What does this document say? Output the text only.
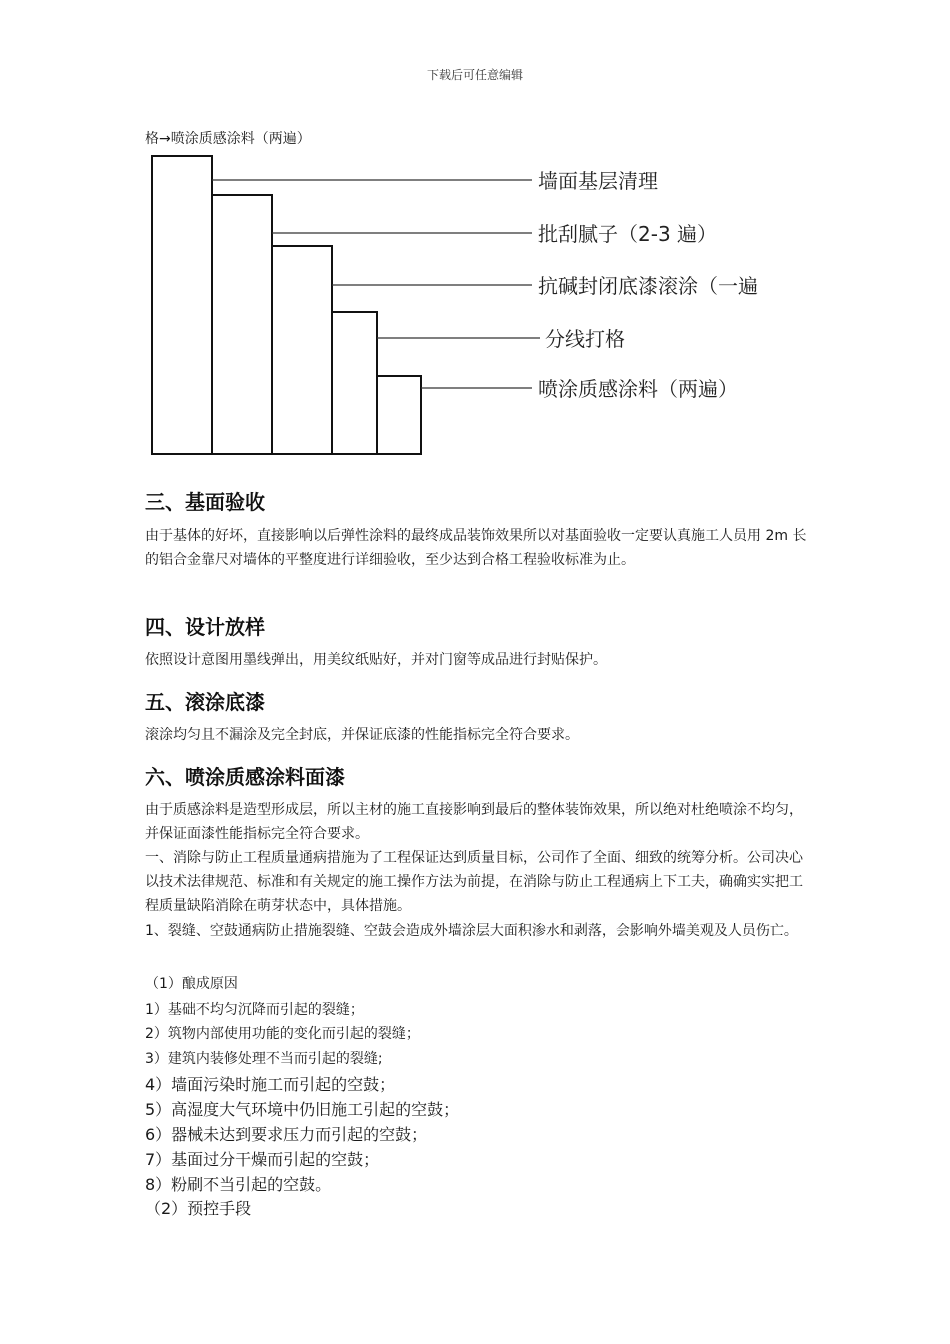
下载后可任意编辑
格→喷涂质感涂料（两遍）
墙面基层清理
批刮腻子（2-3 遍）
抗碱封闭底漆滚涂（一遍
分线打格
喷涂质感涂料（两遍）
三、基面验收
由于基体的好坏，直接影响以后弹性涂料的最终成品装饰效果所以对基面验收一定要认真施工人员用 2m 长的铝合金靠尺对墙体的平整度进行详细验收，至少达到合格工程验收标准为止。
四、设计放样
依照设计意图用墨线弹出，用美纹纸贴好，并对门窗等成品进行封贴保护。
五、滚涂底漆
滚涂均匀且不漏涂及完全封底，并保证底漆的性能指标完全符合要求。
六、喷涂质感涂料面漆
由于质感涂料是造型形成层，所以主材的施工直接影响到最后的整体装饰效果，所以绝对杜绝喷涂不均匀，并保证面漆性能指标完全符合要求。
一、消除与防止工程质量通病措施为了工程保证达到质量目标，公司作了全面、细致的统筹分析。公司决心以技术法律规范、标准和有关规定的施工操作方法为前提，在消除与防止工程通病上下工夫，确确实实把工程质量缺陷消除在萌芽状态中，具体措施。
1、裂缝、空鼓通病防止措施裂缝、空鼓会造成外墙涂层大面积渗水和剥落，会影响外墙美观及人员伤亡。
（1）酿成原因
1）基础不均匀沉降而引起的裂缝；
2）筑物内部使用功能的变化而引起的裂缝；
3）建筑内装修处理不当而引起的裂缝;
4）墙面污染时施工而引起的空鼓；
5）高湿度大气环境中仍旧施工引起的空鼓；
6）器械未达到要求压力而引起的空鼓；
7）基面过分干燥而引起的空鼓；
8）粉刷不当引起的空鼓。
（2）预控手段
